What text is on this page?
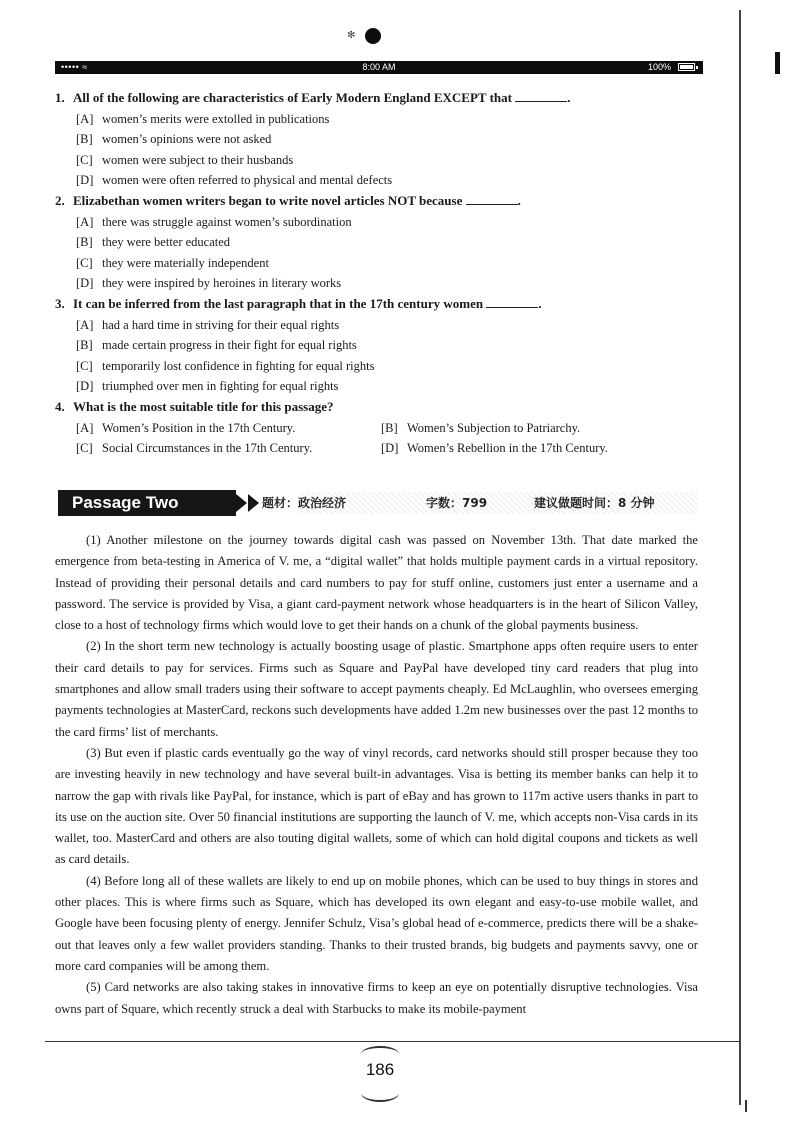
✻
••••• ≈	8:00 AM	100%
1. All of the following are characteristics of Early Modern England EXCEPT that	.
[A] women’s merits were extolled in publications
[B] women’s opinions were not asked
[C] women were subject to their husbands
[D] women were often referred to physical and mental defects
2. Elizabethan women writers began to write novel articles NOT because	.
[A] there was struggle against women’s subordination
[B] they were better educated
[C] they were materially independent
[D] they were inspired by heroines in literary works
3. It can be inferred from the last paragraph that in the 17th century women	.
[A] had a hard time in striving for their equal rights
[B] made certain progress in their fight for equal rights
[C] temporarily lost confidence in fighting for equal rights
[D] triumphed over men in fighting for equal rights
4. What is the most suitable title for this passage?
[A] Women’s Position in the 17th Century.	[B] Women’s Subjection to Patriarchy.
[C] Social Circumstances in the 17th Century.	[D] Women’s Rebellion in the 17th Century.
Passage Two	题材：政治经济	字数：799	建议做题时间：8 分钟

(1) Another milestone on the journey towards digital cash was passed on November 13th. That date marked the emergence from beta-testing in America of V. me, a “digital wallet” that holds multiple payment cards in a virtual repository. Instead of providing their personal details and card numbers to pay for stuff online, customers just enter a username and a password. The service is provided by Visa, a giant card-payment network whose headquarters is in the heart of Silicon Valley, close to a host of technology firms which would love to get their hands on a chunk of the global payments business.

(2) In the short term new technology is actually boosting usage of plastic. Smartphone apps often require users to enter their card details to pay for services. Firms such as Square and PayPal have developed tiny card readers that plug into smartphones and allow small traders using their software to accept payments cheaply. Ed McLaughlin, who oversees emerging payments technologies at MasterCard, reckons such developments have added 1.2m new businesses over the past 12 months to the card firms’ list of merchants.

(3) But even if plastic cards eventually go the way of vinyl records, card networks should still prosper because they too are investing heavily in new technology and have several built-in advantages. Visa is betting its member banks can help it to narrow the gap with rivals like PayPal, for instance, which is part of eBay and has grown to 117m active users thanks in part to its use on the auction site. Over 50 financial institutions are supporting the launch of V. me, which accepts non-Visa cards in its wallet, too. MasterCard and others are also touting digital wallets, some of which can hold digital coupons and tickets as well as card details.

(4) Before long all of these wallets are likely to end up on mobile phones, which can be used to buy things in stores and other places. This is where firms such as Square, which has developed its own elegant and easy-to-use mobile wallet, and Google have been focusing plenty of energy. Jennifer Schulz, Visa’s global head of e-commerce, predicts there will be a shake-out that leaves only a few wallet providers standing. Thanks to their trusted brands, big budgets and payments savvy, one or more card companies will be among them.

(5) Card networks are also taking stakes in innovative firms to keep an eye on potentially disruptive technologies. Visa owns part of Square, which recently struck a deal with Starbucks to make its mobile-payment

186
